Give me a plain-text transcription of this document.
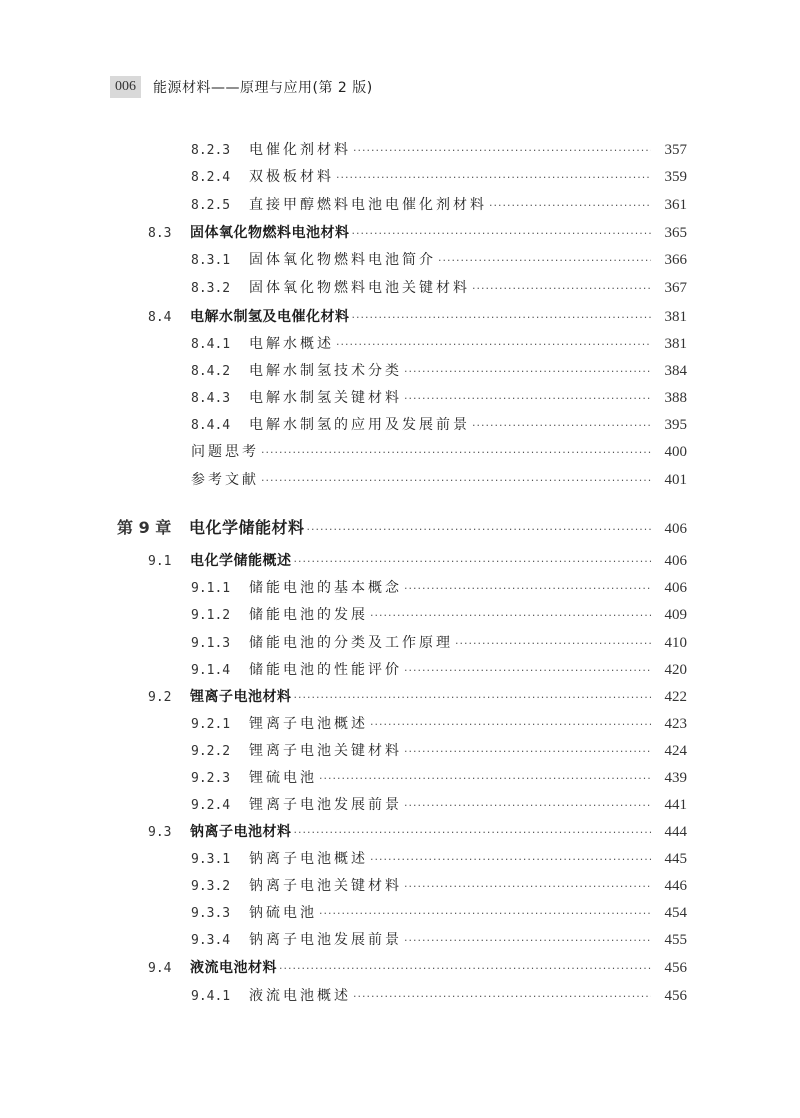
006	能源材料——原理与应用(第 2 版)
8.2.3	电催化剂材料 ·····	357
8.2.4	双极板材料 ·····	359
8.2.5	直接甲醇燃料电池电催化剂材料 ·····	361
8.3	固体氧化物燃料电池材料 ·····	365
8.3.1	固体氧化物燃料电池简介 ·····	366
8.3.2	固体氧化物燃料电池关键材料 ·····	367
8.4	电解水制氢及电催化材料 ·····	381
8.4.1	电解水概述 ·····	381
8.4.2	电解水制氢技术分类 ·····	384
8.4.3	电解水制氢关键材料 ·····	388
8.4.4	电解水制氢的应用及发展前景 ·····	395
问题思考 ·····	400
参考文献 ·····	401
第 9 章	电化学储能材料 ·····	406
9.1	电化学储能概述 ·····	406
9.1.1	储能电池的基本概念 ·····	406
9.1.2	储能电池的发展 ·····	409
9.1.3	储能电池的分类及工作原理 ·····	410
9.1.4	储能电池的性能评价 ·····	420
9.2	锂离子电池材料 ·····	422
9.2.1	锂离子电池概述 ·····	423
9.2.2	锂离子电池关键材料 ·····	424
9.2.3	锂硫电池 ·····	439
9.2.4	锂离子电池发展前景 ·····	441
9.3	钠离子电池材料 ·····	444
9.3.1	钠离子电池概述 ·····	445
9.3.2	钠离子电池关键材料 ·····	446
9.3.3	钠硫电池 ·····	454
9.3.4	钠离子电池发展前景 ·····	455
9.4	液流电池材料 ·····	456
9.4.1	液流电池概述 ·····	456
